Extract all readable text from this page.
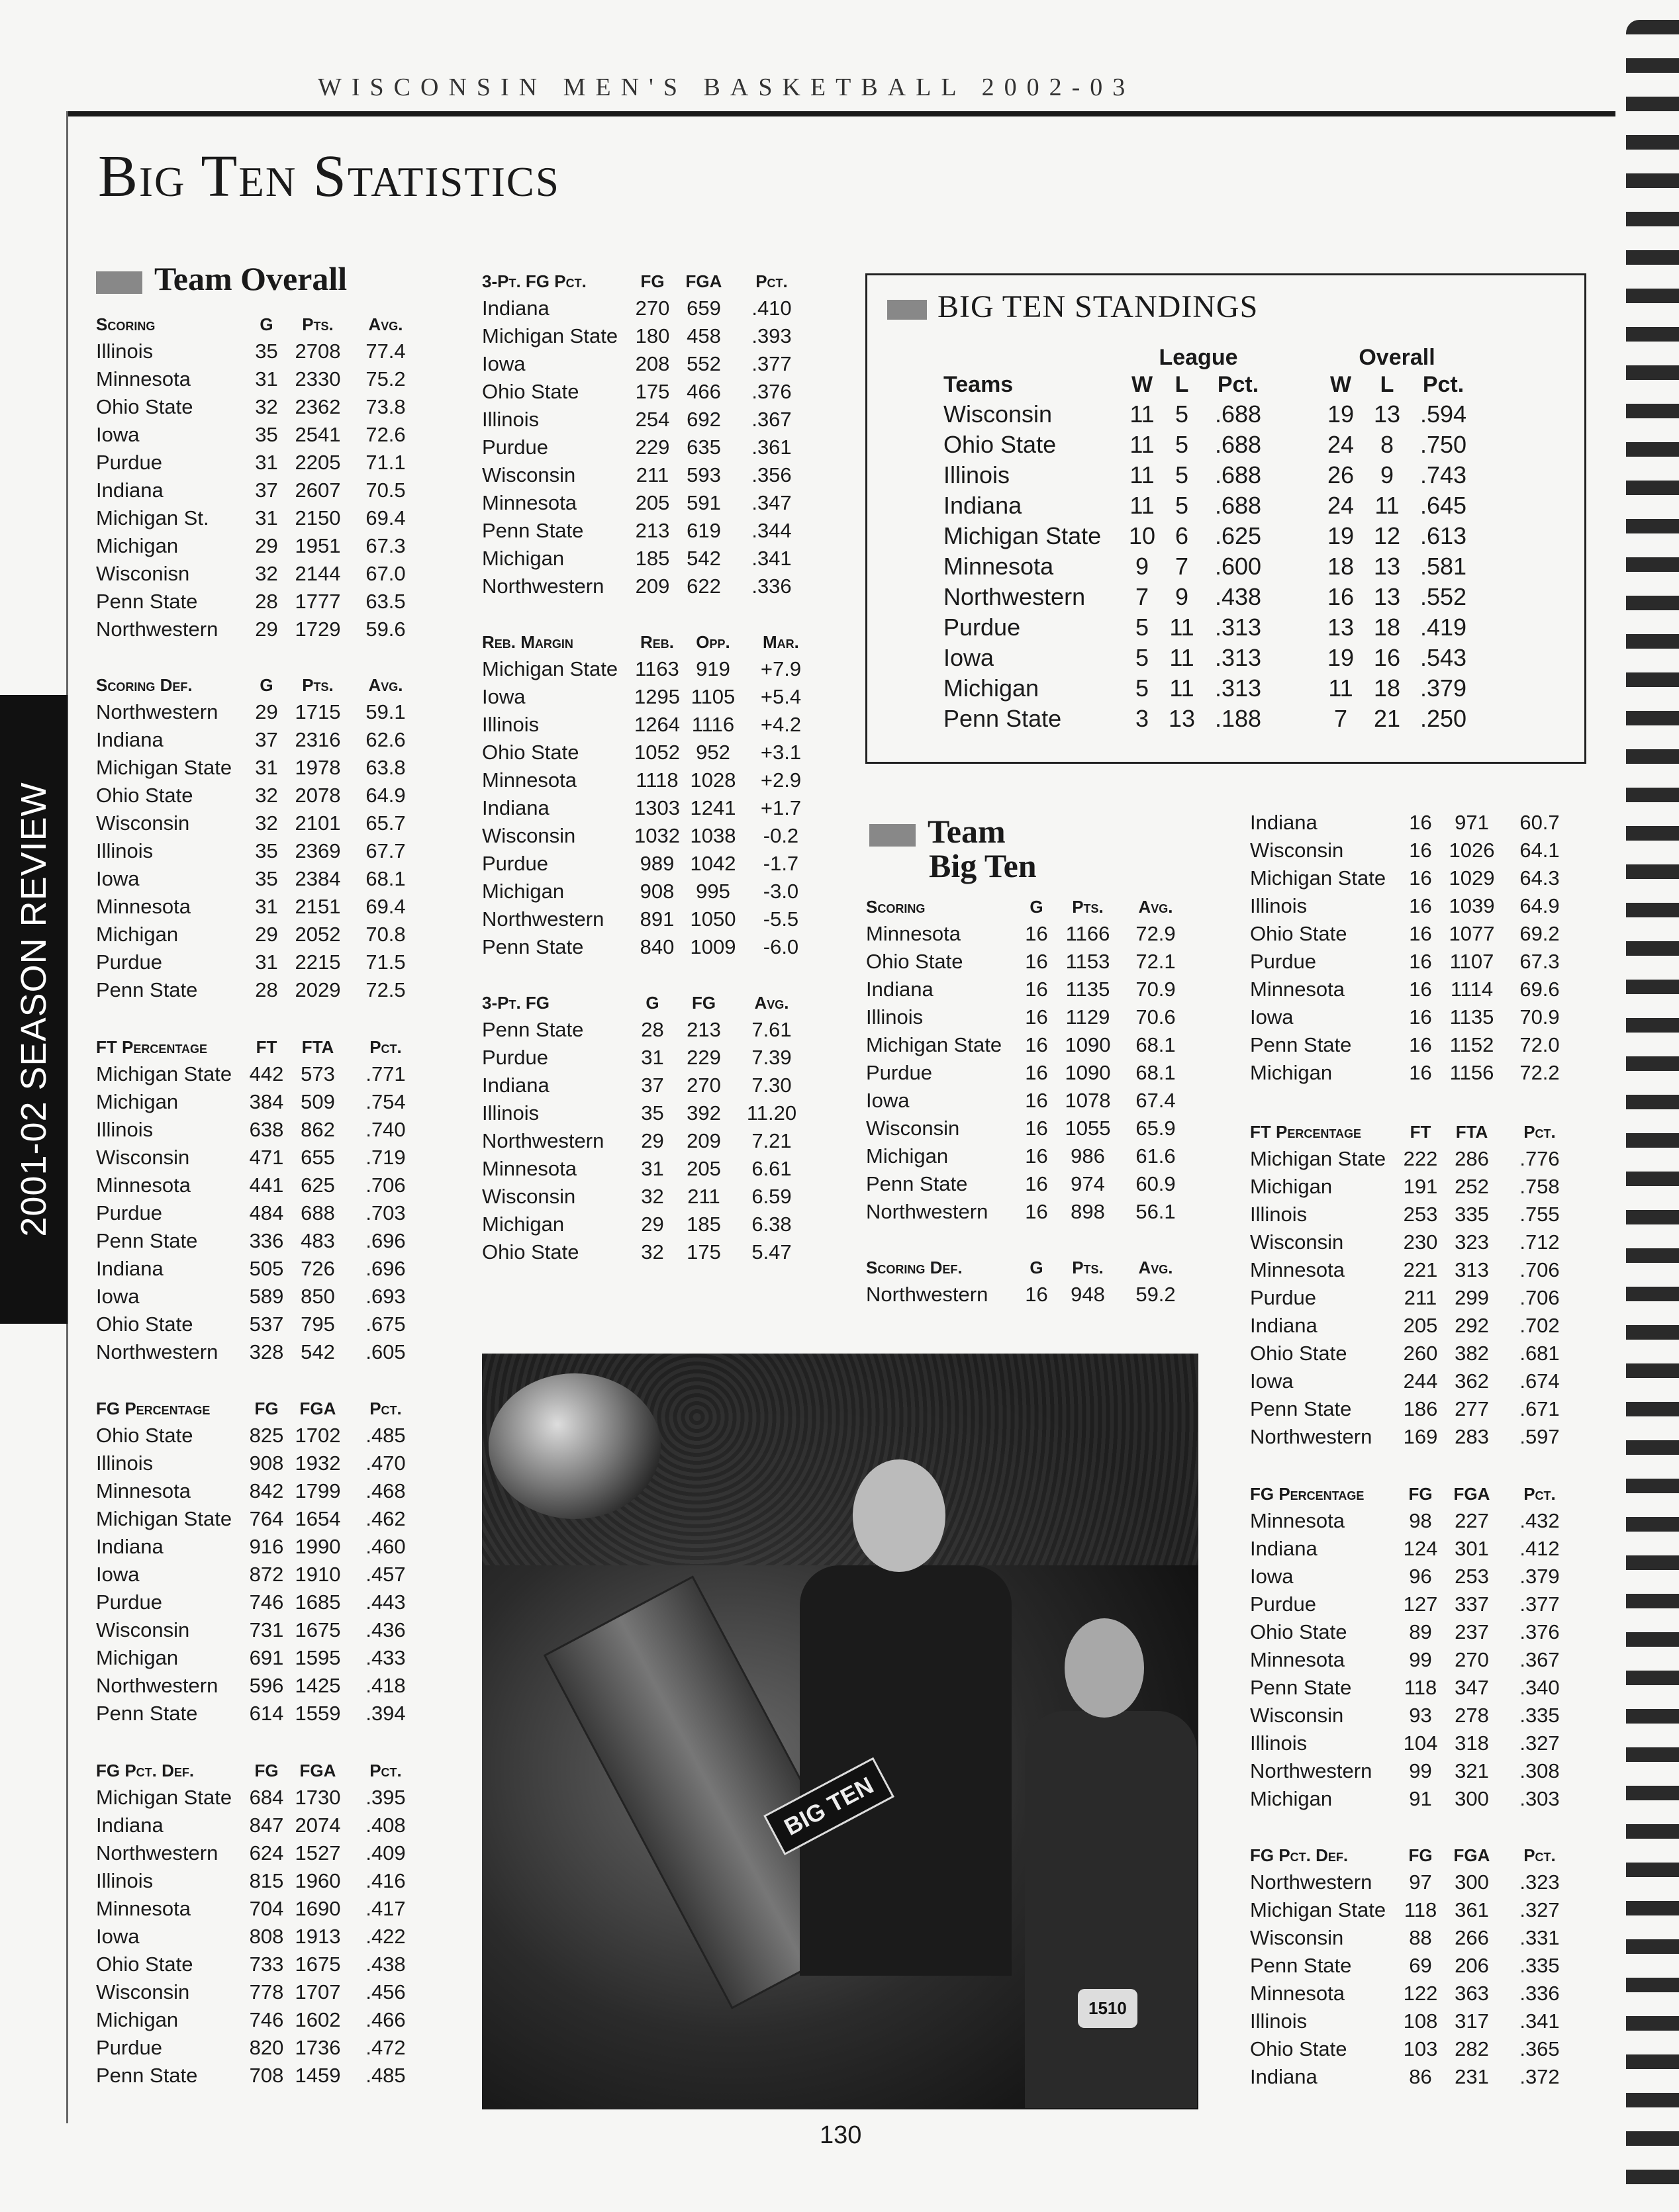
WISCONSIN MEN'S BASKETBALL 2002-03
Big Ten Statistics
2001-02 SEASON REVIEW
Team Overall
Scoring	G	Pts.	Avg.
Illinois	35	2708	77.4
Minnesota	31	2330	75.2
Ohio State	32	2362	73.8
Iowa	35	2541	72.6
Purdue	31	2205	71.1
Indiana	37	2607	70.5
Michigan St.	31	2150	69.4
Michigan	29	1951	67.3
Wisconisn	32	2144	67.0
Penn State	28	1777	63.5
Northwestern	29	1729	59.6
Scoring Def.	G	Pts.	Avg.
Northwestern	29	1715	59.1
Indiana	37	2316	62.6
Michigan State	31	1978	63.8
Ohio State	32	2078	64.9
Wisconsin	32	2101	65.7
Illinois	35	2369	67.7
Iowa	35	2384	68.1
Minnesota	31	2151	69.4
Michigan	29	2052	70.8
Purdue	31	2215	71.5
Penn State	28	2029	72.5
FT Percentage	FT	FTA	Pct.
Michigan State	442	573	.771
Michigan	384	509	.754
Illinois	638	862	.740
Wisconsin	471	655	.719
Minnesota	441	625	.706
Purdue	484	688	.703
Penn State	336	483	.696
Indiana	505	726	.696
Iowa	589	850	.693
Ohio State	537	795	.675
Northwestern	328	542	.605
FG Percentage	FG	FGA	Pct.
Ohio State	825	1702	.485
Illinois	908	1932	.470
Minnesota	842	1799	.468
Michigan State	764	1654	.462
Indiana	916	1990	.460
Iowa	872	1910	.457
Purdue	746	1685	.443
Wisconsin	731	1675	.436
Michigan	691	1595	.433
Northwestern	596	1425	.418
Penn State	614	1559	.394
FG Pct. Def.	FG	FGA	Pct.
Michigan State	684	1730	.395
Indiana	847	2074	.408
Northwestern	624	1527	.409
Illinois	815	1960	.416
Minnesota	704	1690	.417
Iowa	808	1913	.422
Ohio State	733	1675	.438
Wisconsin	778	1707	.456
Michigan	746	1602	.466
Purdue	820	1736	.472
Penn State	708	1459	.485
3-Pt. FG Pct.	FG	FGA	Pct.
Indiana	270	659	.410
Michigan State	180	458	.393
Iowa	208	552	.377
Ohio State	175	466	.376
Illinois	254	692	.367
Purdue	229	635	.361
Wisconsin	211	593	.356
Minnesota	205	591	.347
Penn State	213	619	.344
Michigan	185	542	.341
Northwestern	209	622	.336
Reb. Margin	Reb.	Opp.	Mar.
Michigan State	1163	919	+7.9
Iowa	1295	1105	+5.4
Illinois	1264	1116	+4.2
Ohio State	1052	952	+3.1
Minnesota	1118	1028	+2.9
Indiana	1303	1241	+1.7
Wisconsin	1032	1038	-0.2
Purdue	989	1042	-1.7
Michigan	908	995	-3.0
Northwestern	891	1050	-5.5
Penn State	840	1009	-6.0
3-Pt. FG	G	FG	Avg.
Penn State	28	213	7.61
Purdue	31	229	7.39
Indiana	37	270	7.30
Illinois	35	392	11.20
Northwestern	29	209	7.21
Minnesota	31	205	6.61
Wisconsin	32	211	6.59
Michigan	29	185	6.38
Ohio State	32	175	5.47
BIG TEN STANDINGS
	League				Overall		
Teams	W	L	Pct.		W	L	Pct.
Wisconsin	11	5	.688		19	13	.594
Ohio State	11	5	.688		24	8	.750
Illinois	11	5	.688		26	9	.743
Indiana	11	5	.688		24	11	.645
Michigan State	10	6	.625		19	12	.613
Minnesota	9	7	.600		18	13	.581
Northwestern	7	9	.438		16	13	.552
Purdue	5	11	.313		13	18	.419
Iowa	5	11	.313		19	16	.543
Michigan	5	11	.313		11	18	.379
Penn State	3	13	.188		7	21	.250
Team
Big Ten
Scoring	G	Pts.	Avg.
Minnesota	16	1166	72.9
Ohio State	16	1153	72.1
Indiana	16	1135	70.9
Illinois	16	1129	70.6
Michigan State	16	1090	68.1
Purdue	16	1090	68.1
Iowa	16	1078	67.4
Wisconsin	16	1055	65.9
Michigan	16	986	61.6
Penn State	16	974	60.9
Northwestern	16	898	56.1
Scoring Def.	G	Pts.	Avg.
Northwestern	16	948	59.2
Indiana	16	971	60.7
Wisconsin	16	1026	64.1
Michigan State	16	1029	64.3
Illinois	16	1039	64.9
Ohio State	16	1077	69.2
Purdue	16	1107	67.3
Minnesota	16	1114	69.6
Iowa	16	1135	70.9
Penn State	16	1152	72.0
Michigan	16	1156	72.2
FT Percentage	FT	FTA	Pct.
Michigan State	222	286	.776
Michigan	191	252	.758
Illinois	253	335	.755
Wisconsin	230	323	.712
Minnesota	221	313	.706
Purdue	211	299	.706
Indiana	205	292	.702
Ohio State	260	382	.681
Iowa	244	362	.674
Penn State	186	277	.671
Northwestern	169	283	.597
FG Percentage	FG	FGA	Pct.
Minnesota	98	227	.432
Indiana	124	301	.412
Iowa	96	253	.379
Purdue	127	337	.377
Ohio State	89	237	.376
Minnesota	99	270	.367
Penn State	118	347	.340
Wisconsin	93	278	.335
Illinois	104	318	.327
Northwestern	99	321	.308
Michigan	91	300	.303
FG Pct. Def.	FG	FGA	Pct.
Northwestern	97	300	.323
Michigan State	118	361	.327
Wisconsin	88	266	.331
Penn State	69	206	.335
Minnesota	122	363	.336
Illinois	108	317	.341
Ohio State	103	282	.365
Indiana	86	231	.372
BIG TEN
1510
130
